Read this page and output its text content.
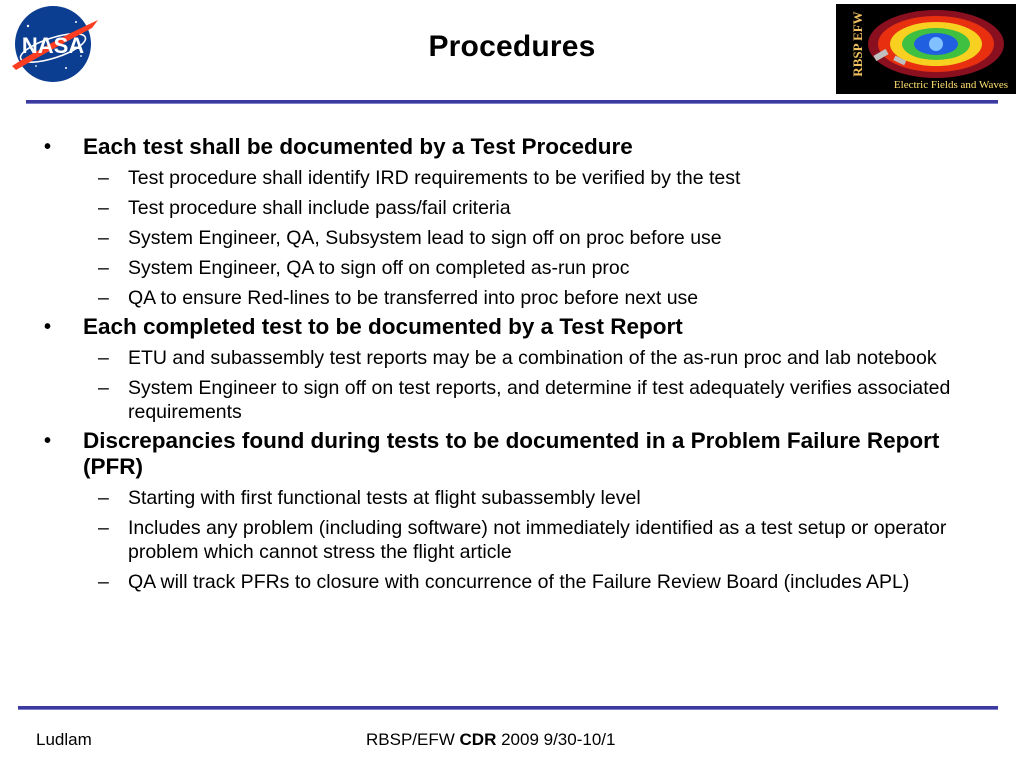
NASA	Procedures	RBSP EFW
Electric Fields and Waves
• Each test shall be documented by a Test Procedure
– Test procedure shall identify IRD requirements to be verified by the test
– Test procedure shall include pass/fail criteria
– System Engineer, QA, Subsystem lead to sign off on proc before use
– System Engineer, QA to sign off on completed as-run proc
– QA to ensure Red-lines to be transferred into proc before next use
• Each completed test to be documented by a Test Report
– ETU and subassembly test reports may be a combination of the as-run proc and lab notebook
– System Engineer to sign off on test reports, and determine if test adequately verifies associated requirements
• Discrepancies found during tests to be documented in a Problem Failure Report (PFR)
– Starting with first functional tests at flight subassembly level
– Includes any problem (including software) not immediately identified as a test setup or operator problem which cannot stress the flight article
– QA will track PFRs to closure with concurrence of the Failure Review Board (includes APL)
Ludlam	RBSP/EFW CDR 2009 9/30-10/1
